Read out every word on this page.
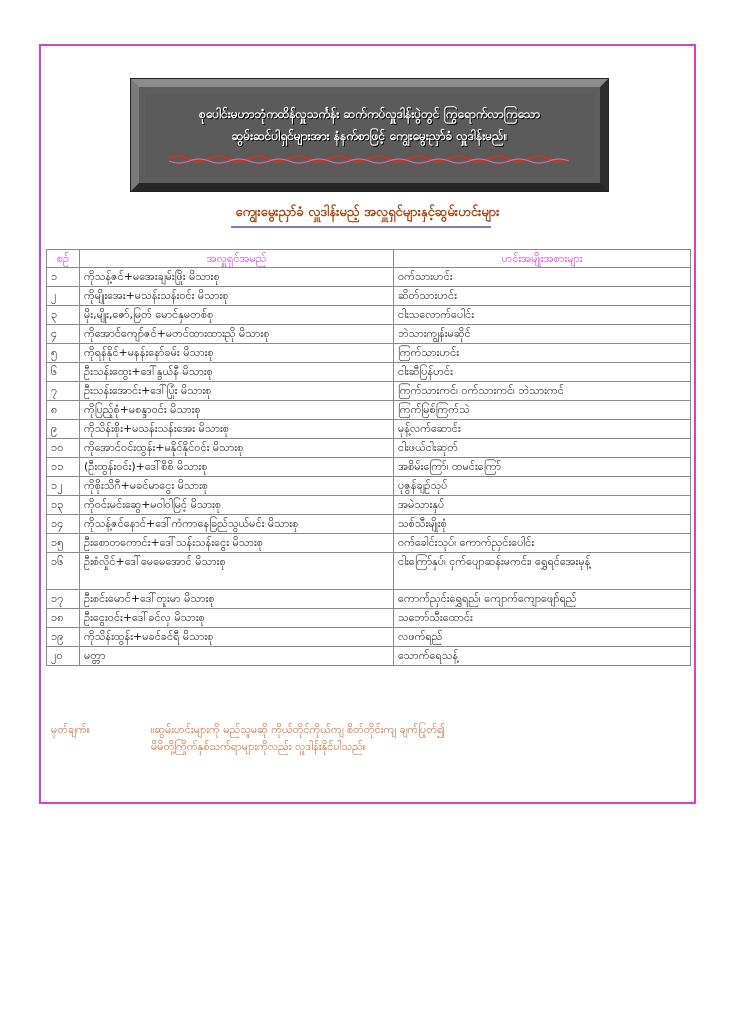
စုပေါင်းမဟာဘုံကထိန်လှူသင်္ကန်း ဆက်ကပ်လှူဒါန်းပွဲတွင် ကြွရောက်လာကြသော
ဆွမ်းဆင်ပါရှင်များအား နံနက်စာဖြင့် ကျွေးမွေးညှာ်ခံ လှူဒါန်းမည်။
ကျွေးမွေးညှာ်ခံ လှူဒါန်းမည့် အလှူရှင်များနှင့်ဆွမ်းဟင်းများ
စဉ်	အလှူရှင်အမည်	ဟင်းအမျိုးအစားများ
၁	ကိုသန့်ဇင်+မအေးချမ်းဖြိုး မိသားစု	ဝက်သားဟင်း
၂	ကိုမျိုးအေး+မသန်းသန်းဝင်း မိသားစု	ဆိတ်သားဟင်း
၃	မိုး,မျိုး,ဇော်,မြတ် မောင်နှမတစ်စု	ငါးသလောက်ပေါင်း
၄	ကိုအောင်ကျော်ဇင်+မတင်ထားထားညို မိသားစု	ဘဲသားကျွန်းမဆိုင်
၅	ကိုရန်နိုင်+မနန်းနော်ခမ်း မိသားစု	ကြက်သားဟင်း
၆	ဦးသန်းထွေး+ဒေါ်နွယ်နီ မိသားစု	ငါးဆီပြန်ဟင်း
၇	ဦးသန်းအောင်း+ဒေါ်ပြုံး မိသားစု	ကြက်သားကင်၊ ဝက်သားကင်၊ ဘဲသားကင်
၈	ကိုပြည့်စုံ+မစန္ဒာဝင်း မိသားစု	ကြက်မြစ်ကြက်သဲ
၉	ကိုသိန်းစိုး+မသန်းသန်းအေး မိသားစု	မုန့်လက်ဆောင်း
၁၀	ကိုအောင်ဝင်းထွန်း+မနိုင်နိုင်ဝင်း မိသားစု	ငါးဖယ်ငါးဆုတ်
၁၁	(ဦးထွန်းဝင်း)+ဒေါ်စိစိ မိသားစု	အစိမ်းကြော်၊ ထမင်းကြော်
၁၂	ကိုစိုးသိဂီ+မခင်မာငွေး မိသားစု	ပုဇွန်ချဉ်သုပ်
၁၃	ကိုဝင်းမင်းဆွေ+မဝါဝါမြင့် မိသားစု	အမဲသားနှပ်
၁၄	ကိုသန့်ဇင်နောင်+ဒေါ်ကံကာနေခြည်သွယ်မင်း မိသားစု	သစ်သီးမျိုးစုံ
၁၅	ဦးစောတကောင်း+ဒေါ်သန်းသန်းငွေး မိသားစု	ဝက်ခေါင်းသုပ်၊ ကောက်ညှင်းပေါင်း
၁၆	ဦးစံလှိုင်+ဒေါ်မေမေအောင် မိသားစု	ငါးကြော်နှပ်၊ ငှက်ပျောဆန်းမကင်း၊ ရွှေရင်အေးမုန့်
၁၇	ဦးစင်းမောင်+ဒေါ်တူးမာ မိသားစု	ကောက်ညှင်းရွှေရည်၊ ကျောက်ကျောဖျော်ရည်
၁၈	ဦးငွေးဝင်း+ဒေါ်ခင်လှ မိသားစု	သဘော်သီးထောင်း
၁၉	ကိုသိန်းထွန်း+မခင်ခင်ရီ မိသားစု	လဖက်ရည်
၂၀	မတ္တာ	သောက်ရေသန့်
မှတ်ချက်။	။ဆွမ်းဟင်းများကို မည်သူမဆို ကိုယ်တိုင်ကိုယ်ကျ စိတ်တိုင်းကျ ချက်ပြုတ်၍
မိမိတို့ကြိုက်နှစ်သက်ရာများကိုလည်း လှူဒါန်းနိုင်ပါသည်။
